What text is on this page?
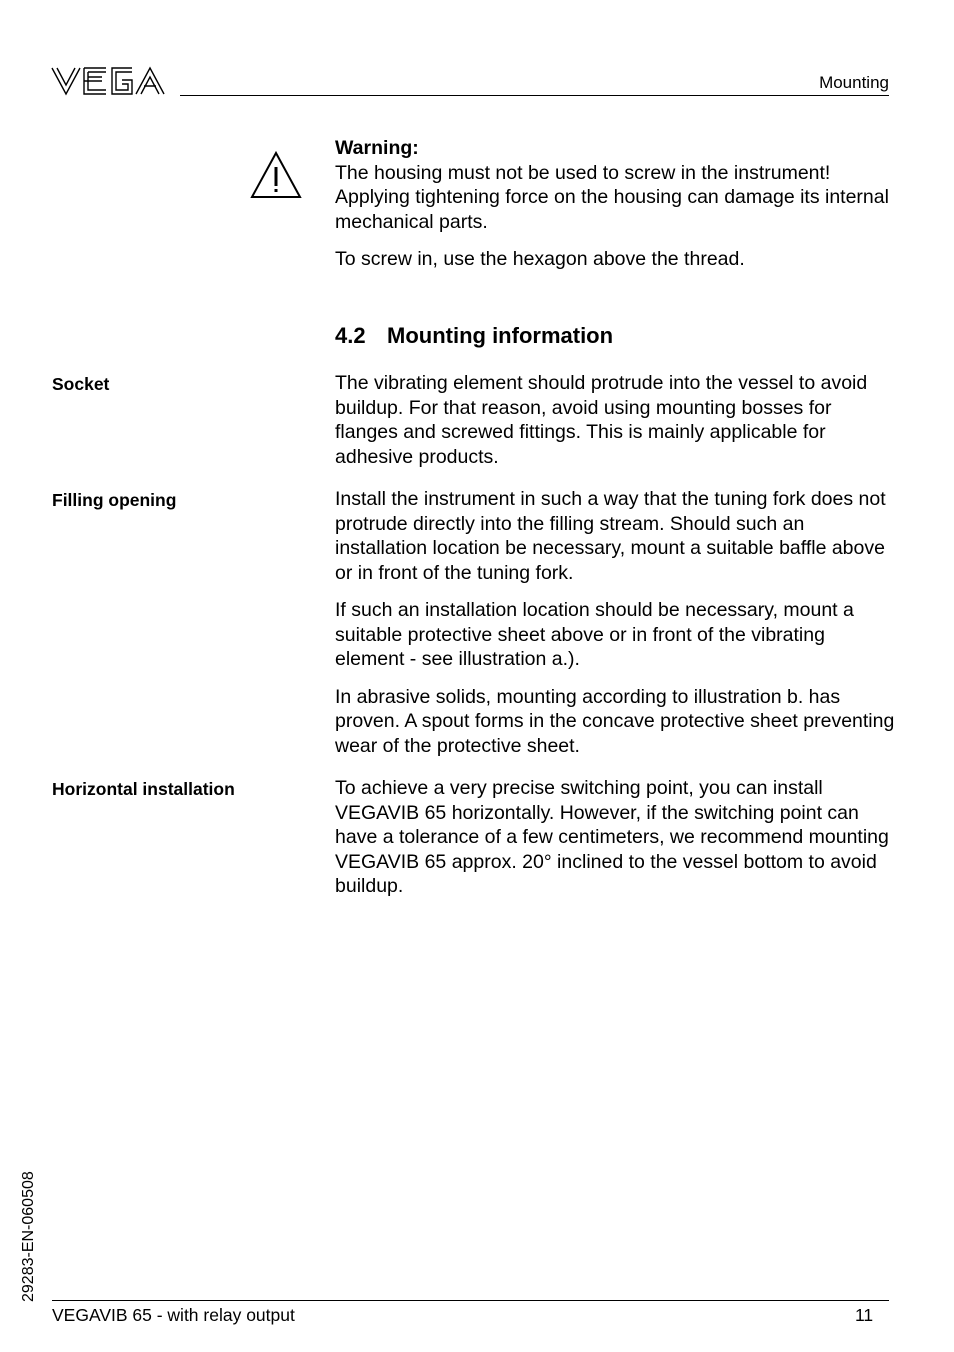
Mounting

Warning:

The housing must not be used to screw in the instrument! Applying tightening force on the housing can damage its internal mechanical parts.

To screw in, use the hexagon above the thread.

4.2 Mounting information
Socket	The vibrating element should protrude into the vessel to avoid buildup. For that reason, avoid using mounting bosses for flanges and screwed fittings. This is mainly applicable for adhesive products.

Filling opening	Install the instrument in such a way that the tuning fork does not protrude directly into the filling stream. Should such an installation location be necessary, mount a suitable baffle above or in front of the tuning fork.

If such an installation location should be necessary, mount a suitable protective sheet above or in front of the vibrating element - see illustration a.).

In abrasive solids, mounting according to illustration b. has proven. A spout forms in the concave protective sheet preventing wear of the protective sheet.

Horizontal installation	To achieve a very precise switching point, you can install VEGAVIB 65 horizontally. However, if the switching point can have a tolerance of a few centimeters, we recommend mounting VEGAVIB 65 approx. 20° inclined to the vessel bottom to avoid buildup.

29283-EN-060508
VEGAVIB 65 - with relay output	11
